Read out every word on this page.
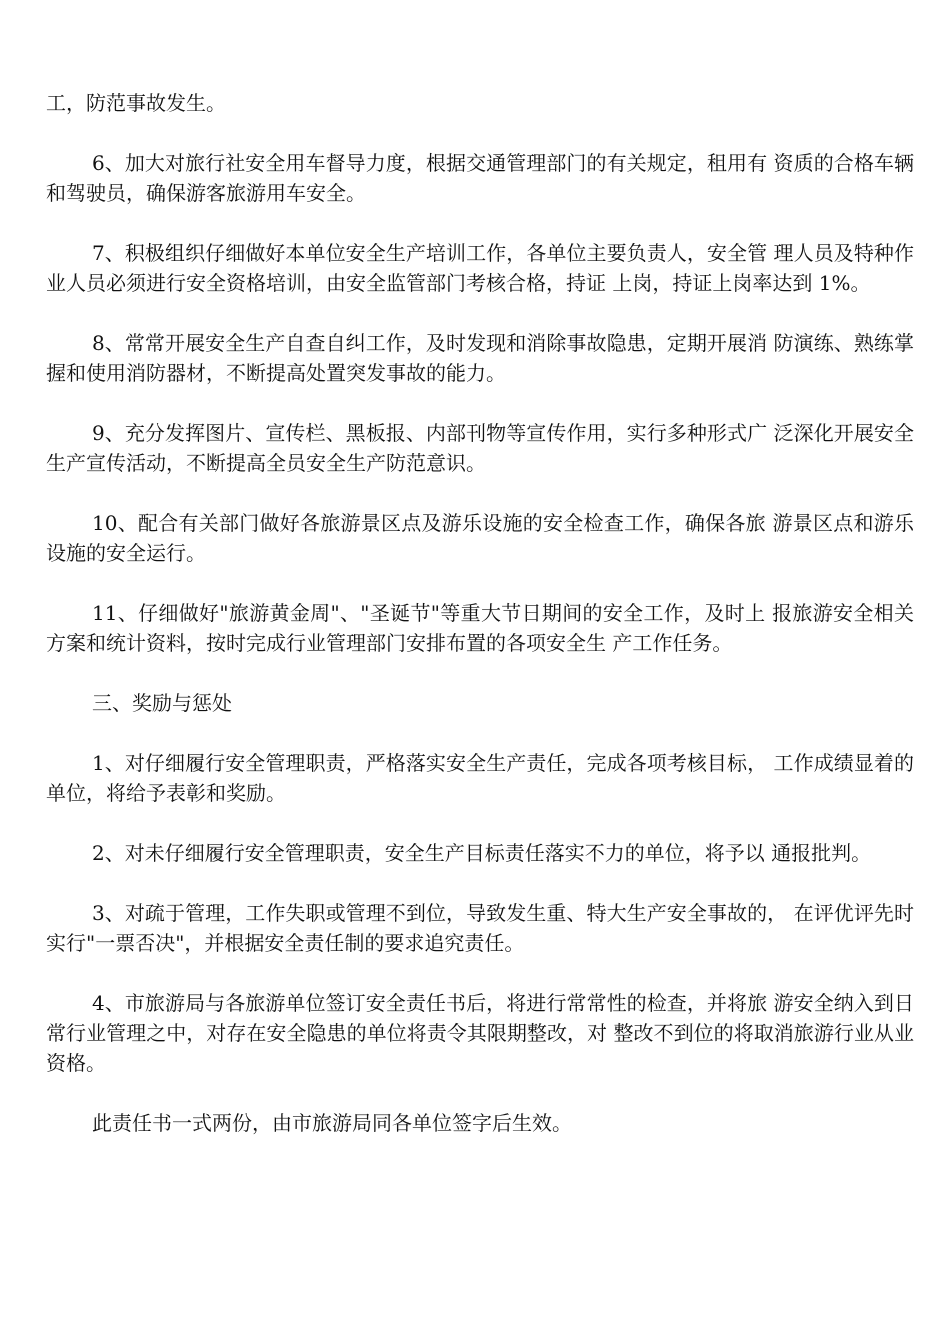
工，防范事故发生。

6、加大对旅行社安全用车督导力度，根据交通管理部门的有关规定，租用有 资质的合格车辆和驾驶员，确保游客旅游用车安全。

7、积极组织仔细做好本单位安全生产培训工作，各单位主要负责人，安全管 理人员及特种作业人员必须进行安全资格培训，由安全监管部门考核合格，持证 上岗，持证上岗率达到 1%。

8、常常开展安全生产自查自纠工作，及时发现和消除事故隐患，定期开展消 防演练、熟练掌握和使用消防器材，不断提高处置突发事故的能力。

9、充分发挥图片、宣传栏、黑板报、内部刊物等宣传作用，实行多种形式广 泛深化开展安全生产宣传活动，不断提高全员安全生产防范意识。

10、配合有关部门做好各旅游景区点及游乐设施的安全检查工作，确保各旅 游景区点和游乐设施的安全运行。

11、仔细做好"旅游黄金周"、"圣诞节"等重大节日期间的安全工作，及时上 报旅游安全相关方案和统计资料，按时完成行业管理部门安排布置的各项安全生 产工作任务。

三、奖励与惩处

1、对仔细履行安全管理职责，严格落实安全生产责任，完成各项考核目标， 工作成绩显着的单位，将给予表彰和奖励。

2、对未仔细履行安全管理职责，安全生产目标责任落实不力的单位，将予以 通报批判。

3、对疏于管理，工作失职或管理不到位，导致发生重、特大生产安全事故的， 在评优评先时实行"一票否决"，并根据安全责任制的要求追究责任。

4、市旅游局与各旅游单位签订安全责任书后，将进行常常性的检查，并将旅 游安全纳入到日常行业管理之中，对存在安全隐患的单位将责令其限期整改，对 整改不到位的将取消旅游行业从业资格。

此责任书一式两份，由市旅游局同各单位签字后生效。
